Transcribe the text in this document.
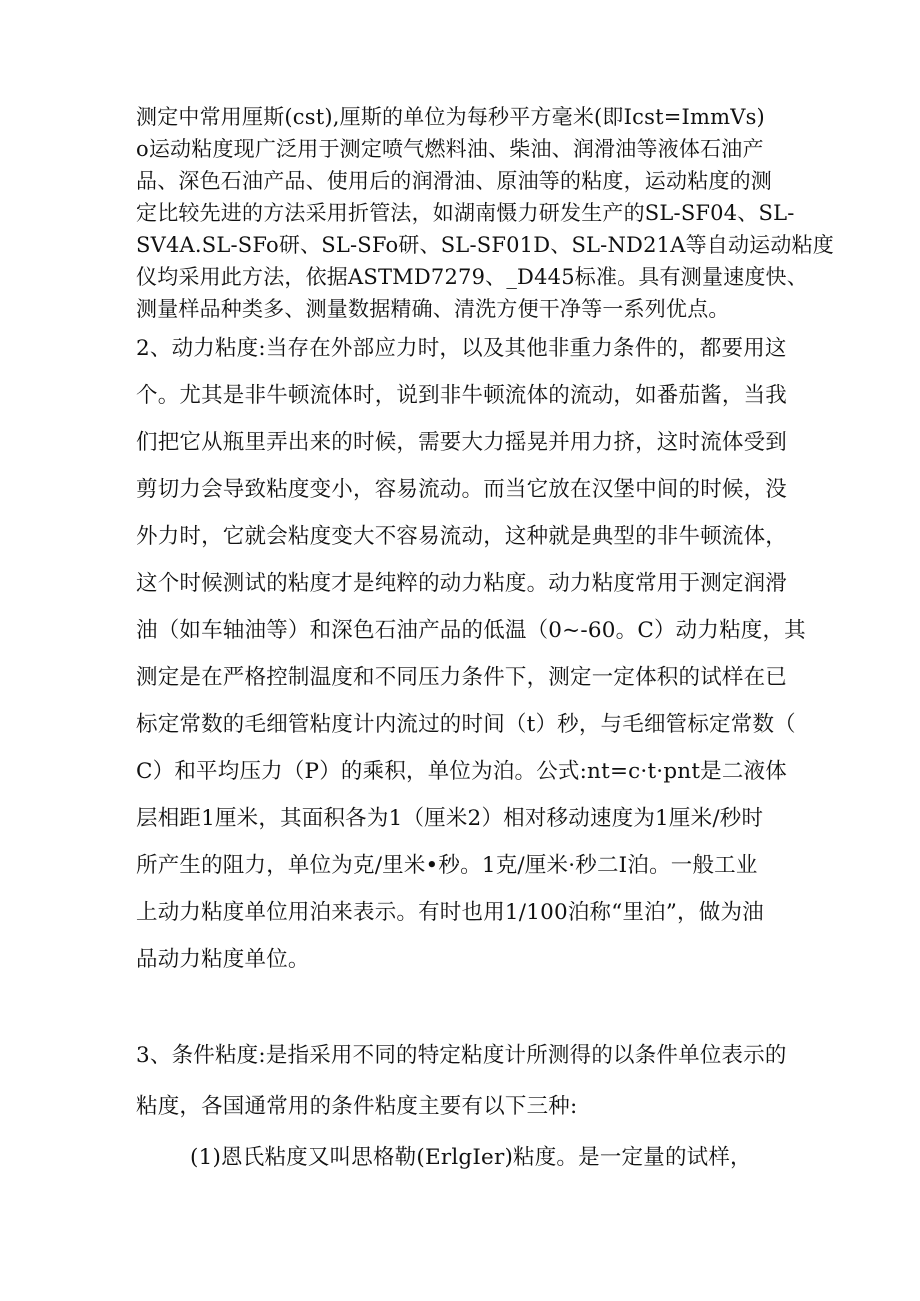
测定中常用厘斯(cst),厘斯的单位为每秒平方毫米(即Icst=ImmVs)

o运动粘度现广泛用于测定喷气燃料油、柴油、润滑油等液体石油产

品、深色石油产品、使用后的润滑油、原油等的粘度，运动粘度的测

定比较先进的方法采用折管法，如湖南慑力研发生产的SL-SF04、SL-

SV4A.SL-SFo研、SL-SFo研、SL-SF01D、SL-ND21A等自动运动粘度

仪均采用此方法，依据ASTMD7279、_D445标准。具有测量速度快、

测量样品种类多、测量数据精确、清洗方便干净等一系列优点。

2、动力粘度:当存在外部应力时，以及其他非重力条件的，都要用这

个。尤其是非牛顿流体时，说到非牛顿流体的流动，如番茄酱，当我

们把它从瓶里弄出来的时候，需要大力摇晃并用力挤，这时流体受到

剪切力会导致粘度变小，容易流动。而当它放在汉堡中间的时候，没

外力时，它就会粘度变大不容易流动，这种就是典型的非牛顿流体，

这个时候测试的粘度才是纯粹的动力粘度。动力粘度常用于测定润滑

油（如车轴油等）和深色石油产品的低温（0~-60。C）动力粘度，其

测定是在严格控制温度和不同压力条件下，测定一定体积的试样在已

标定常数的毛细管粘度计内流过的时间（t）秒，与毛细管标定常数（

C）和平均压力（P）的乘积，单位为泊。公式:nt=c·t·pnt是二液体

层相距1厘米，其面积各为1（厘米2）相对移动速度为1厘米/秒时

所产生的阻力，单位为克/里米•秒。1克/厘米·秒二I泊。一般工业

上动力粘度单位用泊来表示。有时也用1/100泊称“里泊”，做为油

品动力粘度单位。

3、条件粘度:是指采用不同的特定粘度计所测得的以条件单位表示的

粘度，各国通常用的条件粘度主要有以下三种:

(1)恩氏粘度又叫思格勒(ErlgIer)粘度。是一定量的试样，
